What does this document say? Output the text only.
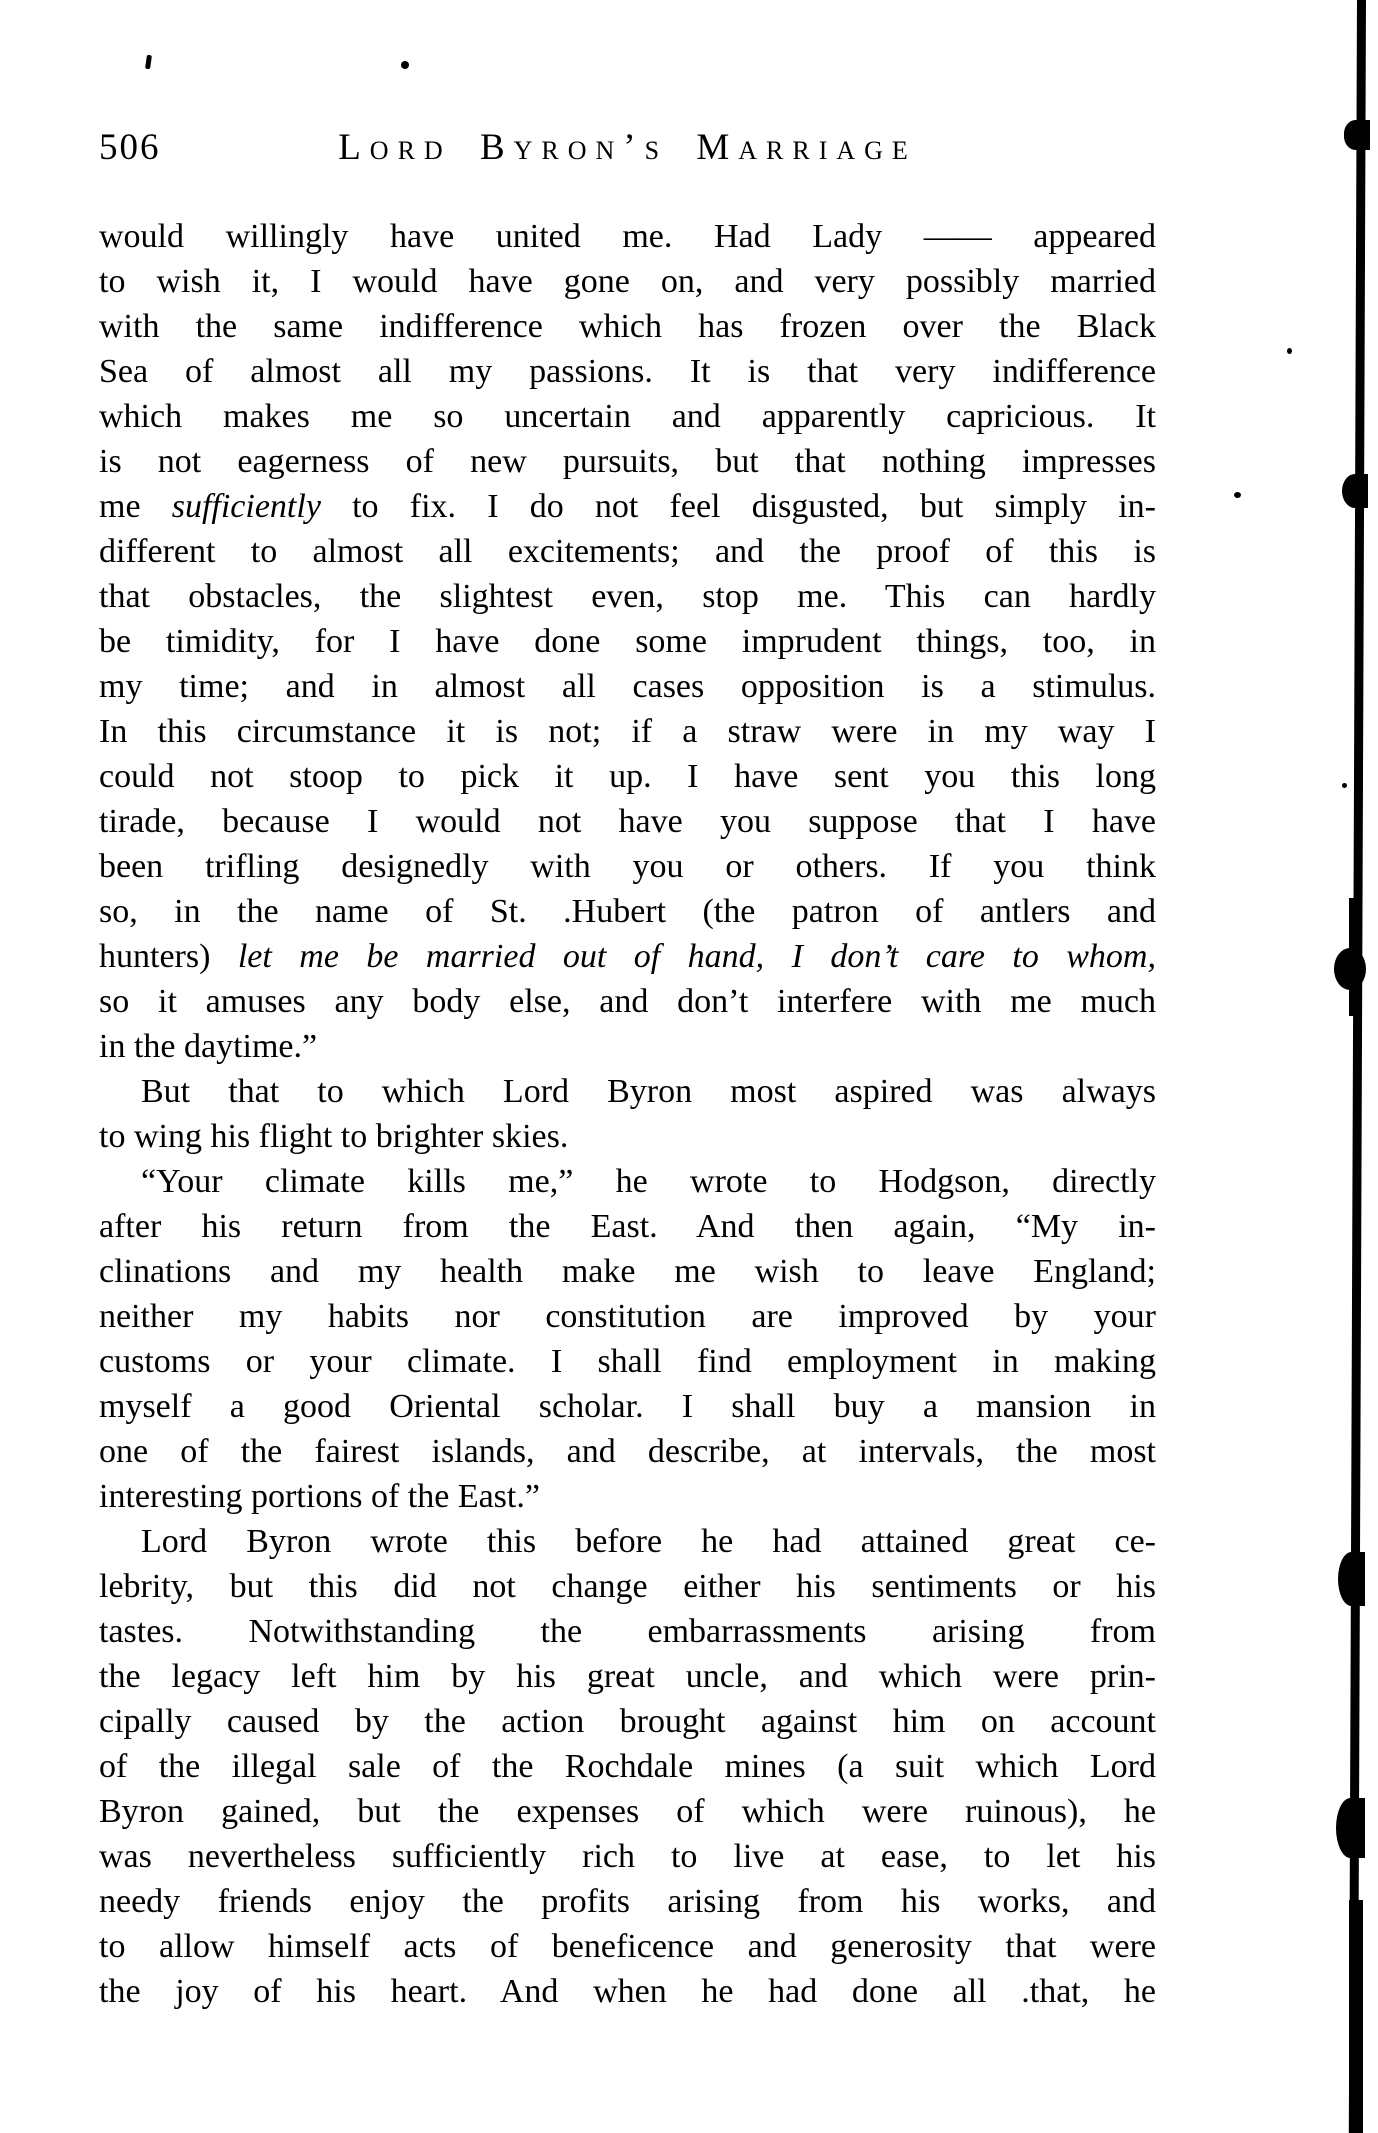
506	Lord Byron’s Marriage
would willingly have united me. Had Lady —— appeared
to wish it, I would have gone on, and very possibly married
with the same indifference which has frozen over the Black
Sea of almost all my passions. It is that very indifference
which makes me so uncertain and apparently capricious. It
is not eagerness of new pursuits, but that nothing impresses
me sufficiently to fix. I do not feel disgusted, but simply in-
different to almost all excitements; and the proof of this is
that obstacles, the slightest even, stop me. This can hardly
be timidity, for I have done some imprudent things, too, in
my time; and in almost all cases opposition is a stimulus.
In this circumstance it is not; if a straw were in my way I
could not stoop to pick it up. I have sent you this long
tirade, because I would not have you suppose that I have
been trifling designedly with you or others. If you think
so, in the name of St. .Hubert (the patron of antlers and
hunters) let me be married out of hand, I don’t care to whom,
so it amuses any body else, and don’t interfere with me much
in the daytime.”
But that to which Lord Byron most aspired was always
to wing his flight to brighter skies.
“Your climate kills me,” he wrote to Hodgson, directly
after his return from the East. And then again, “My in-
clinations and my health make me wish to leave England;
neither my habits nor constitution are improved by your
customs or your climate. I shall find employment in making
myself a good Oriental scholar. I shall buy a mansion in
one of the fairest islands, and describe, at intervals, the most
interesting portions of the East.”
Lord Byron wrote this before he had attained great ce-
lebrity, but this did not change either his sentiments or his
tastes. Notwithstanding the embarrassments arising from
the legacy left him by his great uncle, and which were prin-
cipally caused by the action brought against him on account
of the illegal sale of the Rochdale mines (a suit which Lord
Byron gained, but the expenses of which were ruinous), he
was nevertheless sufficiently rich to live at ease, to let his
needy friends enjoy the profits arising from his works, and
to allow himself acts of beneficence and generosity that were
the joy of his heart. And when he had done all .that, he
